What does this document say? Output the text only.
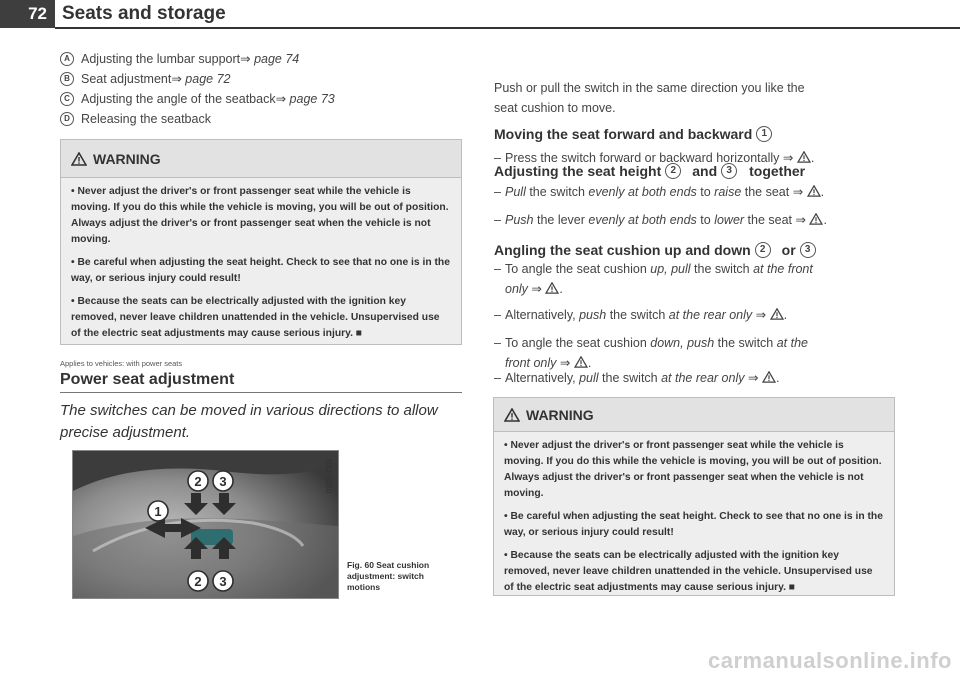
72 Seats and storage
A Adjusting the lumbar support ⇒ page 74
B Seat adjustment ⇒ page 72
C Adjusting the angle of the seatback ⇒ page 73
D Releasing the seatback
WARNING

• Never adjust the driver's or front passenger seat while the vehicle is moving. If you do this while the vehicle is moving, you will be out of position. Always adjust the driver's or front passenger seat when the vehicle is not moving.

• Be careful when adjusting the seat height. Check to see that no one is in the way, or serious injury could result!

• Because the seats can be electrically adjusted with the ignition key removed, never leave children unattended in the vehicle. Unsupervised use of the electric seat adjustments may cause serious injury. ■

Applies to vehicles: with power seats
Power seat adjustment
The switches can be moved in various directions to allow precise adjustment.
2 3
1
2 3
B8J-0050
Fig. 60 Seat cushion
adjustment: switch
motions
Push or pull the switch in the same direction you like the
seat cushion to move.
Moving the seat forward and backward 1
– Press the switch forward or backward horizontally ⇒ .
Adjusting the seat height 2	and 3	together
– Pull the switch evenly at both ends to raise the seat ⇒ .
– Push the lever evenly at both ends to lower the seat ⇒ .
Angling the seat cushion up and down 2	or 3
– To angle the seat cushion up, pull the switch at the front
only ⇒ .
– Alternatively, push the switch at the rear only ⇒ .
– To angle the seat cushion down, push the switch at the
front only ⇒ .
– Alternatively, pull the switch at the rear only ⇒ .
WARNING

• Never adjust the driver's or front passenger seat while the vehicle is moving. If you do this while the vehicle is moving, you will be out of position. Always adjust the driver's or front passenger seat when the vehicle is not moving.

• Be careful when adjusting the seat height. Check to see that no one is in the way, or serious injury could result!

• Because the seats can be electrically adjusted with the ignition key removed, never leave children unattended in the vehicle. Unsupervised use of the electric seat adjustments may cause serious injury. ■

carmanualsonline.info
